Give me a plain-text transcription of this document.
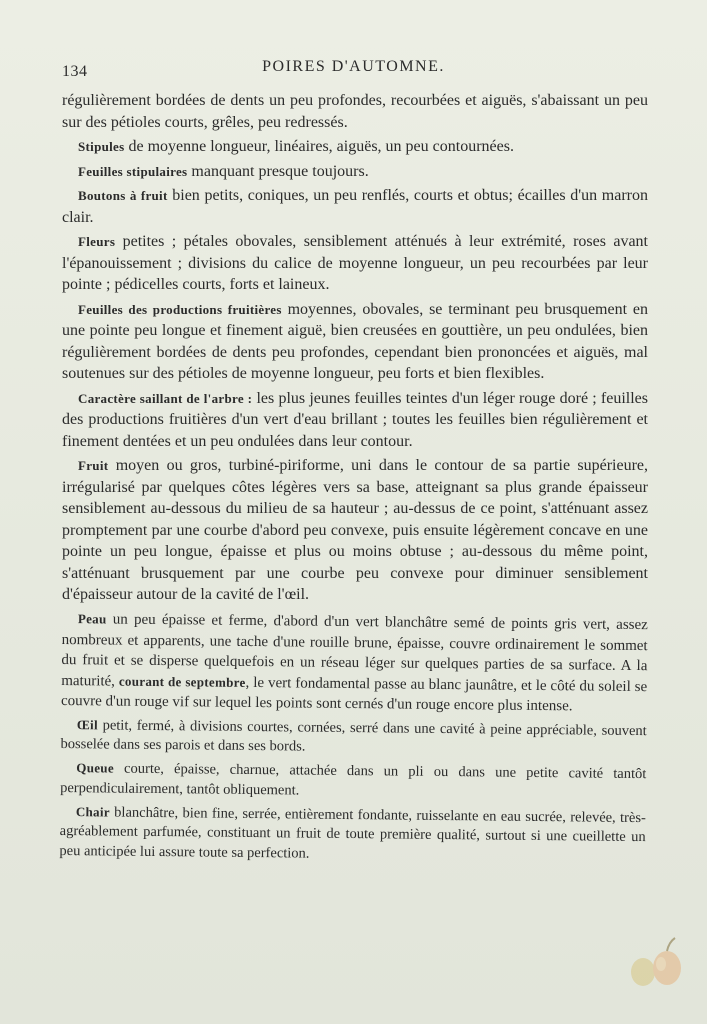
134	POIRES D'AUTOMNE.

régulièrement bordées de dents un peu profondes, recourbées et aiguës, s'abaissant un peu sur des pétioles courts, grêles, peu redressés.

Stipules de moyenne longueur, linéaires, aiguës, un peu contournées.

Feuilles stipulaires manquant presque toujours.

Boutons à fruit bien petits, coniques, un peu renflés, courts et obtus; écailles d'un marron clair.

Fleurs petites ; pétales obovales, sensiblement atténués à leur extrémité, roses avant l'épanouissement ; divisions du calice de moyenne longueur, un peu recourbées par leur pointe ; pédicelles courts, forts et laineux.

Feuilles des productions fruitières moyennes, obovales, se terminant peu brusquement en une pointe peu longue et finement aiguë, bien creusées en gouttière, un peu ondulées, bien régulièrement bordées de dents peu profondes, cependant bien prononcées et aiguës, mal soutenues sur des pétioles de moyenne longueur, peu forts et bien flexibles.

Caractère saillant de l'arbre : les plus jeunes feuilles teintes d'un léger rouge doré ; feuilles des productions fruitières d'un vert d'eau brillant ; toutes les feuilles bien régulièrement et finement dentées et un peu ondulées dans leur contour.

Fruit moyen ou gros, turbiné-piriforme, uni dans le contour de sa partie supérieure, irrégularisé par quelques côtes légères vers sa base, atteignant sa plus grande épaisseur sensiblement au-dessous du milieu de sa hauteur ; au-dessus de ce point, s'atténuant assez promptement par une courbe d'abord peu convexe, puis ensuite légèrement concave en une pointe un peu longue, épaisse et plus ou moins obtuse ; au-dessous du même point, s'atténuant brusquement par une courbe peu convexe pour diminuer sensiblement d'épaisseur autour de la cavité de l'œil.

Peau un peu épaisse et ferme, d'abord d'un vert blanchâtre semé de points gris vert, assez nombreux et apparents, une tache d'une rouille brune, épaisse, couvre ordinairement le sommet du fruit et se disperse quelquefois en un réseau léger sur quelques parties de sa surface. A la maturité, courant de septembre, le vert fondamental passe au blanc jaunâtre, et le côté du soleil se couvre d'un rouge vif sur lequel les points sont cernés d'un rouge encore plus intense.

Œil petit, fermé, à divisions courtes, cornées, serré dans une cavité à peine appréciable, souvent bosselée dans ses parois et dans ses bords.

Queue courte, épaisse, charnue, attachée dans un pli ou dans une petite cavité tantôt perpendiculairement, tantôt obliquement.

Chair blanchâtre, bien fine, serrée, entièrement fondante, ruisselante en eau sucrée, relevée, très-agréablement parfumée, constituant un fruit de toute première qualité, surtout si une cueillette un peu anticipée lui assure toute sa perfection.
